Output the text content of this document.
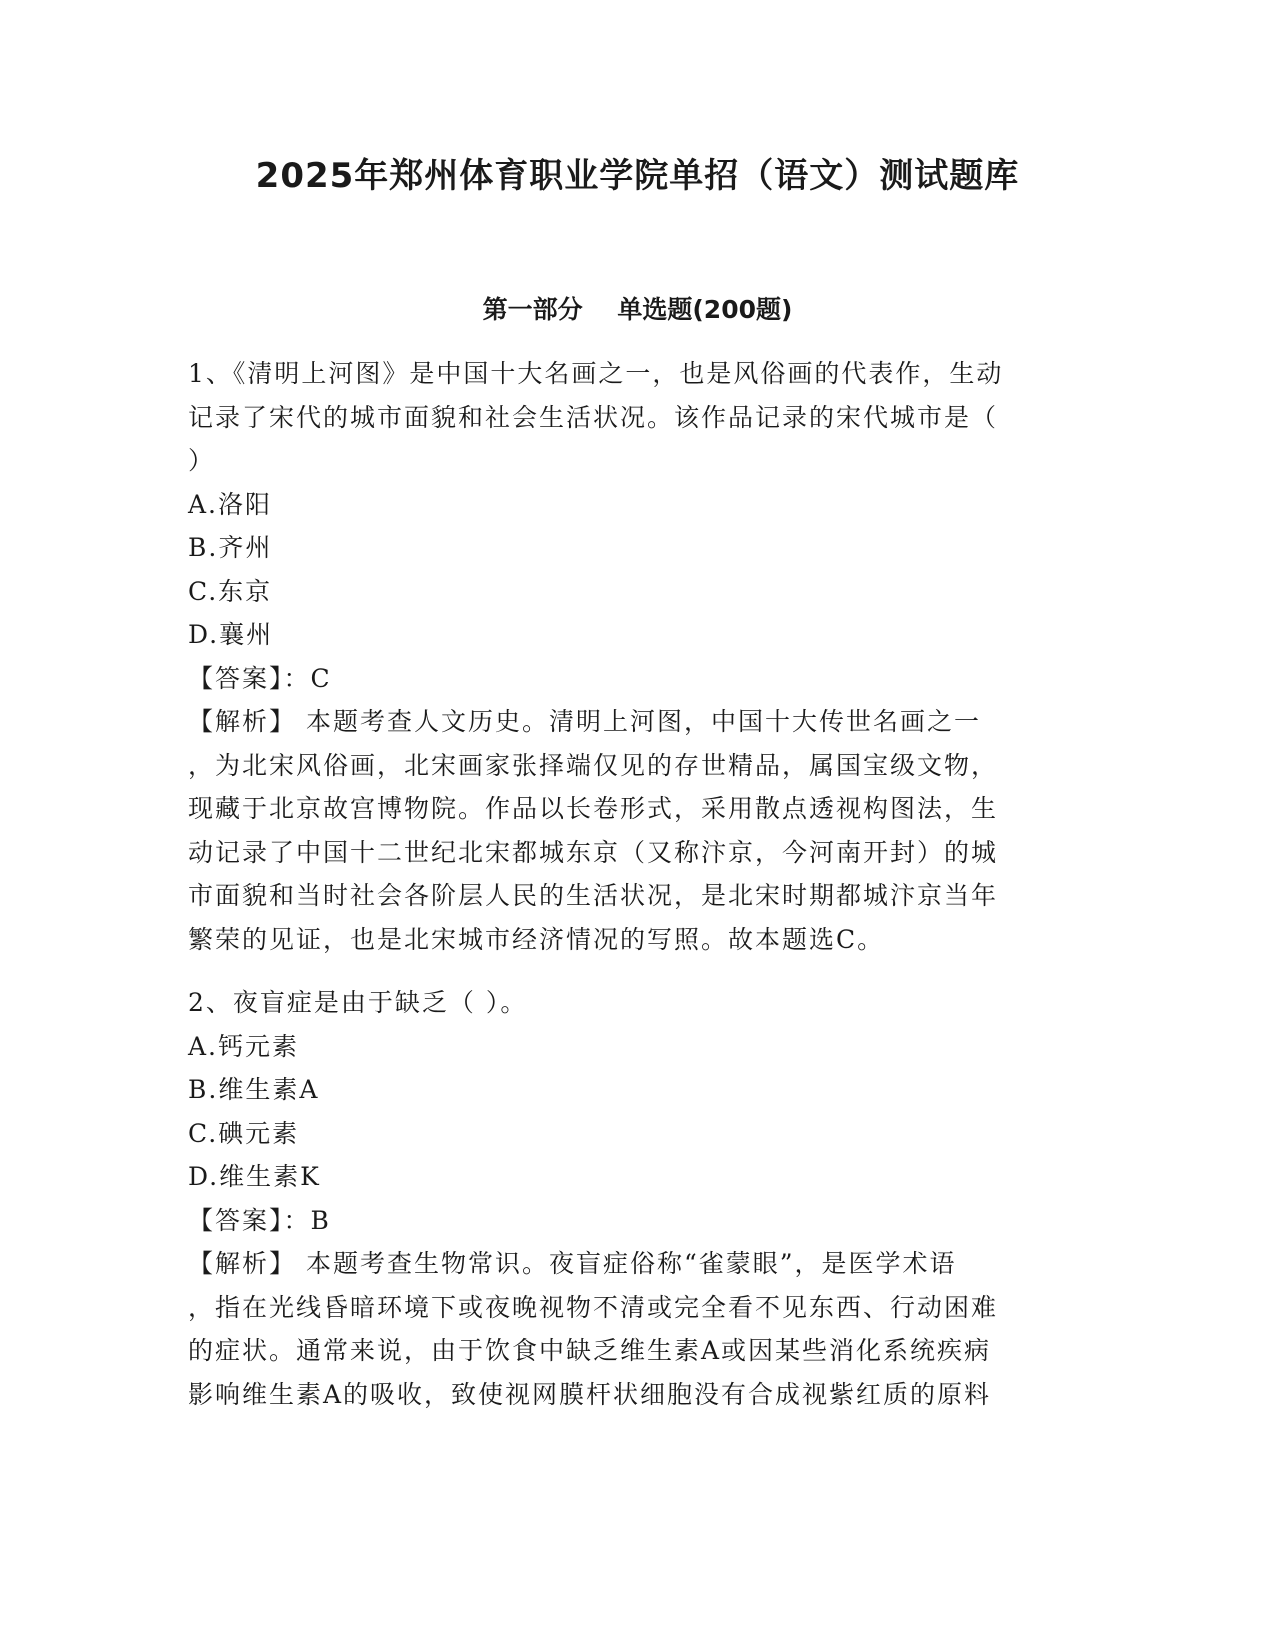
2025年郑州体育职业学院单招（语文）测试题库
第一部分    单选题(200题)
1、《清明上河图》是中国十大名画之一，也是风俗画的代表作，生动
记录了宋代的城市面貌和社会生活状况。该作品记录的宋代城市是（
）
A.洛阳
B.齐州
C.东京
D.襄州
【答案】：C
【解析】 本题考查人文历史。清明上河图，中国十大传世名画之一
，为北宋风俗画，北宋画家张择端仅见的存世精品，属国宝级文物，
现藏于北京故宫博物院。作品以长卷形式，采用散点透视构图法，生
动记录了中国十二世纪北宋都城东京（又称汴京，今河南开封）的城
市面貌和当时社会各阶层人民的生活状况，是北宋时期都城汴京当年
繁荣的见证，也是北宋城市经济情况的写照。故本题选C。
2、夜盲症是由于缺乏（ ）。
A.钙元素
B.维生素A
C.碘元素
D.维生素K
【答案】：B
【解析】 本题考查生物常识。夜盲症俗称“雀蒙眼”，是医学术语
，指在光线昏暗环境下或夜晚视物不清或完全看不见东西、行动困难
的症状。通常来说，由于饮食中缺乏维生素A或因某些消化系统疾病
影响维生素A的吸收，致使视网膜杆状细胞没有合成视紫红质的原料
